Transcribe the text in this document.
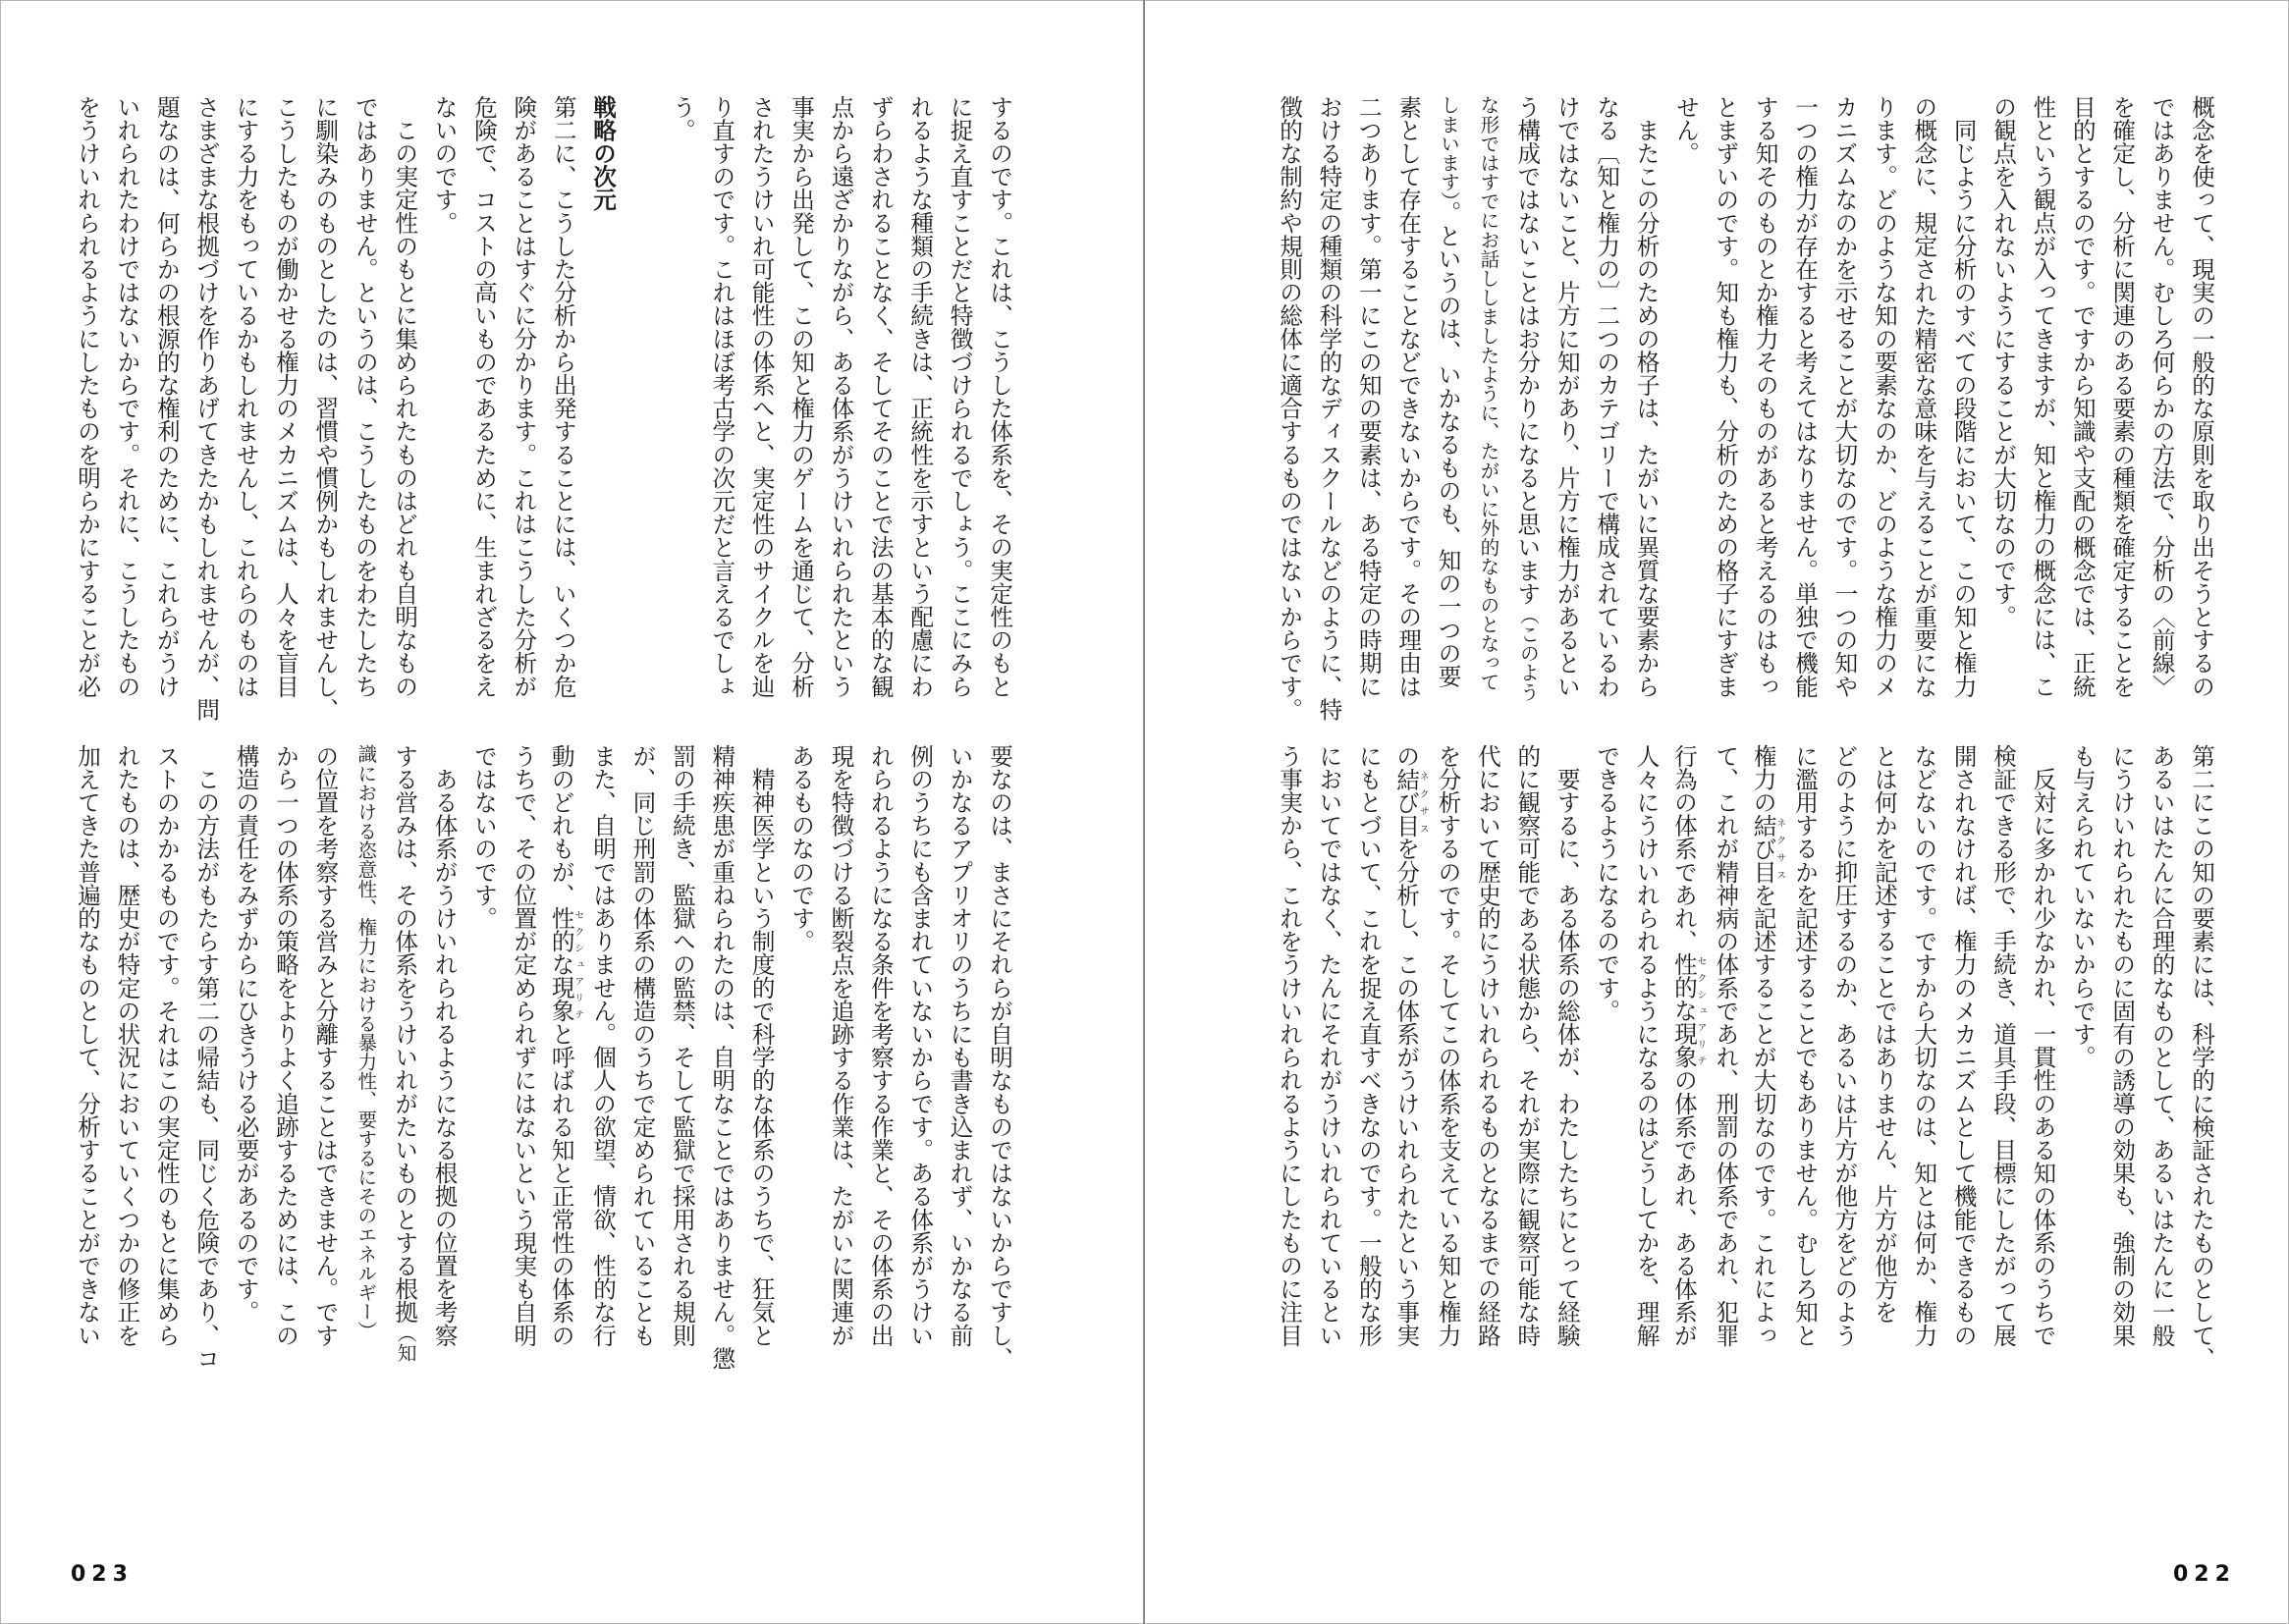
するのです。これは、こうした体系を、その実定性のもと
に捉え直すことだと特徴づけられるでしょう。ここにみら
れるような種類の手続きは、正統性を示すという配慮にわ
ずらわされることなく、そしてそのことで法の基本的な観
点から遠ざかりながら、ある体系がうけいれられたという
事実から出発して、この知と権力のゲームを通じて、分析
されたうけいれ可能性の体系へと、実定性のサイクルを辿
り直すのです。これはほぼ考古学の次元だと言えるでしょ
う。
戦略の次元
第二に、こうした分析から出発することには、いくつか危
険があることはすぐに分かります。これはこうした分析が
危険で、コストの高いものであるために、生まれざるをえ
ないのです。
　この実定性のもとに集められたものはどれも自明なもの
ではありません。というのは、こうしたものをわたしたち
に馴染みのものとしたのは、習慣や慣例かもしれませんし、
こうしたものが働かせる権力のメカニズムは、人々を盲目
にする力をもっているかもしれませんし、これらのものは
さまざまな根拠づけを作りあげてきたかもしれませんが、問
題なのは、何らかの根源的な権利のために、これらがうけ
いれられたわけではないからです。それに、こうしたもの
をうけいれられるようにしたものを明らかにすることが必
要なのは、まさにそれらが自明なものではないからですし、
いかなるアプリオリのうちにも書き込まれず、いかなる前
例のうちにも含まれていないからです。ある体系がうけい
れられるようになる条件を考察する作業と、その体系の出
現を特徴づける断裂点を追跡する作業は、たがいに関連が
あるものなのです。
　精神医学という制度的で科学的な体系のうちで、狂気と
精神疾患が重ねられたのは、自明なことではありません。懲
罰の手続き、監獄への監禁、そして監獄で採用される規則
が、同じ刑罰の体系の構造のうちで定められていることも
また、自明ではありません。個人の欲望、情欲、性的な行
動のどれもが、性的な現象セクシュアリテと呼ばれる知と正常性の体系の
うちで、その位置が定められずにはないという現実も自明
ではないのです。
　ある体系がうけいれられるようになる根拠の位置を考察
する営みは、その体系をうけいれがたいものとする根拠（知
識における恣意性、権力における暴力性、要するにそのエネルギー）
の位置を考察する営みと分離することはできません。です
から一つの体系の策略をよりよく追跡するためには、この
構造の責任をみずからにひきうける必要があるのです。
　この方法がもたらす第二の帰結も、同じく危険であり、コ
ストのかかるものです。それはこの実定性のもとに集めら
れたものは、歴史が特定の状況においていくつかの修正を
加えてきた普遍的なものとして、分析することができない
023
概念を使って、現実の一般的な原則を取り出そうとするの
ではありません。むしろ何らかの方法で、分析の〈前線〉
を確定し、分析に関連のある要素の種類を確定することを
目的とするのです。ですから知識や支配の概念では、正統
性という観点が入ってきますが、知と権力の概念には、こ
の観点を入れないようにすることが大切なのです。
　同じように分析のすべての段階において、この知と権力
の概念に、規定された精密な意味を与えることが重要にな
ります。どのような知の要素なのか、どのような権力のメ
カニズムなのかを示せることが大切なのです。一つの知や
一つの権力が存在すると考えてはなりません。単独で機能
する知そのものとか権力そのものがあると考えるのはもっ
とまずいのです。知も権力も、分析のための格子にすぎま
せん。
　またこの分析のための格子は、たがいに異質な要素から
なる〔知と権力の〕二つのカテゴリーで構成されているわ
けではないこと、片方に知があり、片方に権力があるとい
う構成ではないことはお分かりになると思います（このよう
な形ではすでにお話ししましたように、たがいに外的なものとなって
しまいます）。というのは、いかなるものも、知の一つの要
素として存在することなどできないからです。その理由は
二つあります。第一にこの知の要素は、ある特定の時期に
おける特定の種類の科学的なディスクールなどのように、特
徴的な制約や規則の総体に適合するものではないからです。
第二にこの知の要素には、科学的に検証されたものとして、
あるいはたんに合理的なものとして、あるいはたんに一般
にうけいれられたものに固有の誘導の効果も、強制の効果
も与えられていないからです。
　反対に多かれ少なかれ、一貫性のある知の体系のうちで
検証できる形で、手続き、道具手段、目標にしたがって展
開されなければ、権力のメカニズムとして機能できるもの
などないのです。ですから大切なのは、知とは何か、権力
とは何かを記述することではありません、片方が他方を
どのように抑圧するのか、あるいは片方が他方をどのよう
に濫用するかを記述することでもありません。むしろ知と
権力の結び目ネクサスを記述することが大切なのです。これによっ
て、これが精神病の体系であれ、刑罰の体系であれ、犯罪
行為の体系であれ、性的な現象セクシュアリテの体系であれ、ある体系が
人々にうけいれられるようになるのはどうしてかを、理解
できるようになるのです。
　要するに、ある体系の総体が、わたしたちにとって経験
的に観察可能である状態から、それが実際に観察可能な時
代において歴史的にうけいれられるものとなるまでの経路
を分析するのです。そしてこの体系を支えている知と権力
の結び目ネクサスを分析し、この体系がうけいれられたという事実
にもとづいて、これを捉え直すべきなのです。一般的な形
においてではなく、たんにそれがうけいれられているとい
う事実から、これをうけいれられるようにしたものに注目
022
